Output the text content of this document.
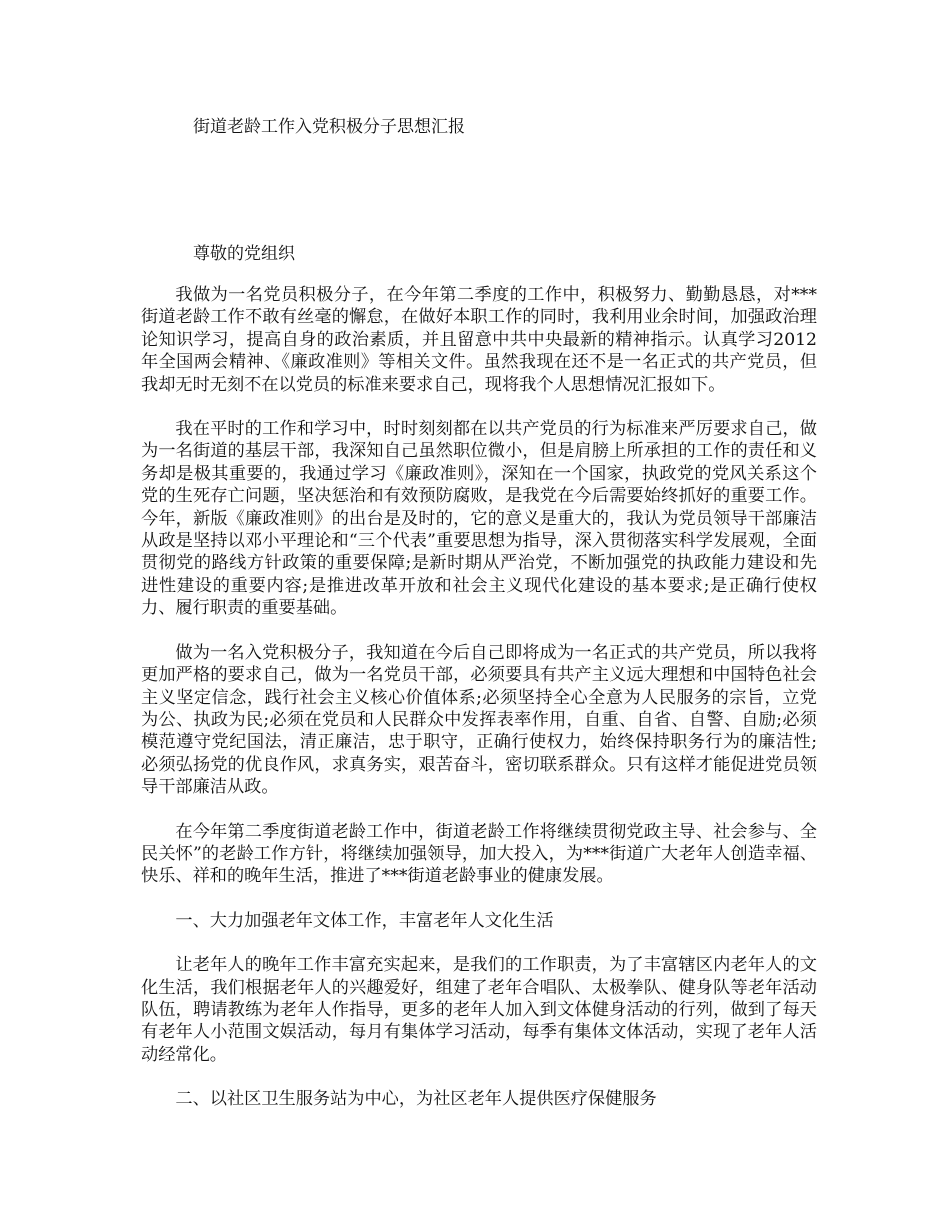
街道老龄工作入党积极分子思想汇报
尊敬的党组织

我做为一名党员积极分子，在今年第二季度的工作中，积极努力、勤勤恳恳，对***街道老龄工作不敢有丝毫的懈怠，在做好本职工作的同时，我利用业余时间，加强政治理论知识学习，提高自身的政治素质，并且留意中共中央最新的精神指示。认真学习2012年全国两会精神、《廉政准则》等相关文件。虽然我现在还不是一名正式的共产党员，但我却无时无刻不在以党员的标准来要求自己，现将我个人思想情况汇报如下。

我在平时的工作和学习中，时时刻刻都在以共产党员的行为标准来严厉要求自己，做为一名街道的基层干部，我深知自己虽然职位微小，但是肩膀上所承担的工作的责任和义务却是极其重要的，我通过学习《廉政准则》，深知在一个国家，执政党的党风关系这个党的生死存亡问题，坚决惩治和有效预防腐败，是我党在今后需要始终抓好的重要工作。今年，新版《廉政准则》的出台是及时的，它的意义是重大的，我认为党员领导干部廉洁从政是坚持以邓小平理论和“三个代表”重要思想为指导，深入贯彻落实科学发展观，全面贯彻党的路线方针政策的重要保障;是新时期从严治党，不断加强党的执政能力建设和先进性建设的重要内容;是推进改革开放和社会主义现代化建设的基本要求;是正确行使权力、履行职责的重要基础。

做为一名入党积极分子，我知道在今后自己即将成为一名正式的共产党员，所以我将更加严格的要求自己，做为一名党员干部，必须要具有共产主义远大理想和中国特色社会主义坚定信念，践行社会主义核心价值体系;必须坚持全心全意为人民服务的宗旨，立党为公、执政为民;必须在党员和人民群众中发挥表率作用，自重、自省、自警、自励;必须模范遵守党纪国法，清正廉洁，忠于职守，正确行使权力，始终保持职务行为的廉洁性;必须弘扬党的优良作风，求真务实，艰苦奋斗，密切联系群众。只有这样才能促进党员领导干部廉洁从政。

在今年第二季度街道老龄工作中，街道老龄工作将继续贯彻党政主导、社会参与、全民关怀”的老龄工作方针，将继续加强领导，加大投入，为***街道广大老年人创造幸福、快乐、祥和的晚年生活，推进了***街道老龄事业的健康发展。

一、大力加强老年文体工作，丰富老年人文化生活

让老年人的晚年工作丰富充实起来，是我们的工作职责，为了丰富辖区内老年人的文化生活，我们根据老年人的兴趣爱好，组建了老年合唱队、太极拳队、健身队等老年活动队伍，聘请教练为老年人作指导，更多的老年人加入到文体健身活动的行列，做到了每天有老年人小范围文娱活动，每月有集体学习活动，每季有集体文体活动，实现了老年人活动经常化。

二、以社区卫生服务站为中心，为社区老年人提供医疗保健服务
